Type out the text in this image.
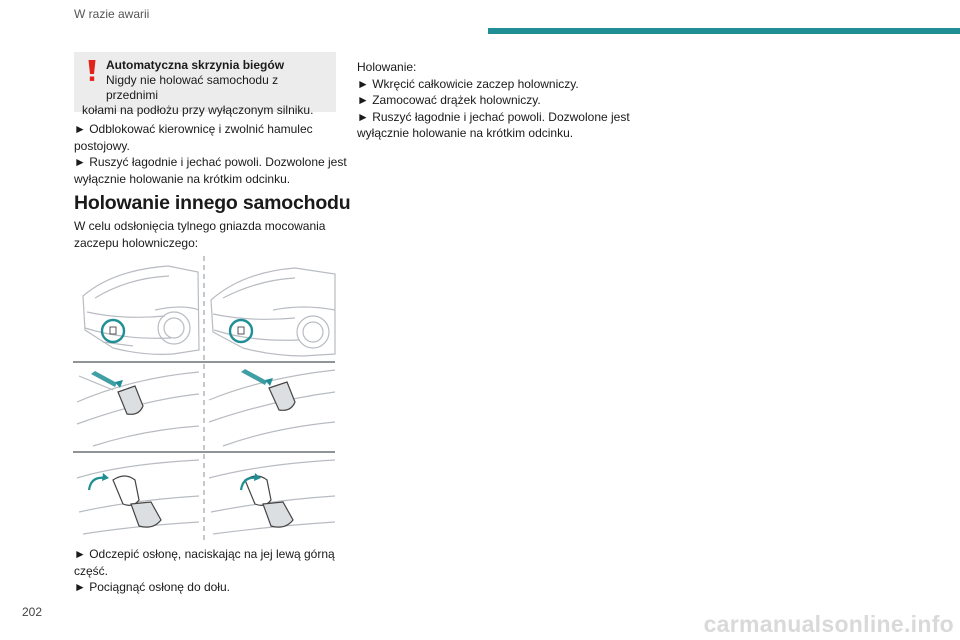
W razie awarii
Automatyczna skrzynia biegów
Nigdy nie holować samochodu z przednimi
kołami na podłożu przy wyłączonym silniku.

► Odblokować kierownicę i zwolnić hamulec

postojowy.

► Ruszyć łagodnie i jechać powoli. Dozwolone jest

wyłącznie holowanie na krótkim odcinku.

Holowanie innego samochodu

W celu odsłonięcia tylnego gniazda mocowania

zaczepu holowniczego:

► Odczepić osłonę, naciskając na jej lewą górną

część.

► Pociągnąć osłonę do dołu.

Holowanie:

► Wkręcić całkowicie zaczep holowniczy.

► Zamocować drążek holowniczy.

► Ruszyć łagodnie i jechać powoli. Dozwolone jest

wyłącznie holowanie na krótkim odcinku.

202	carmanualsonline.info
